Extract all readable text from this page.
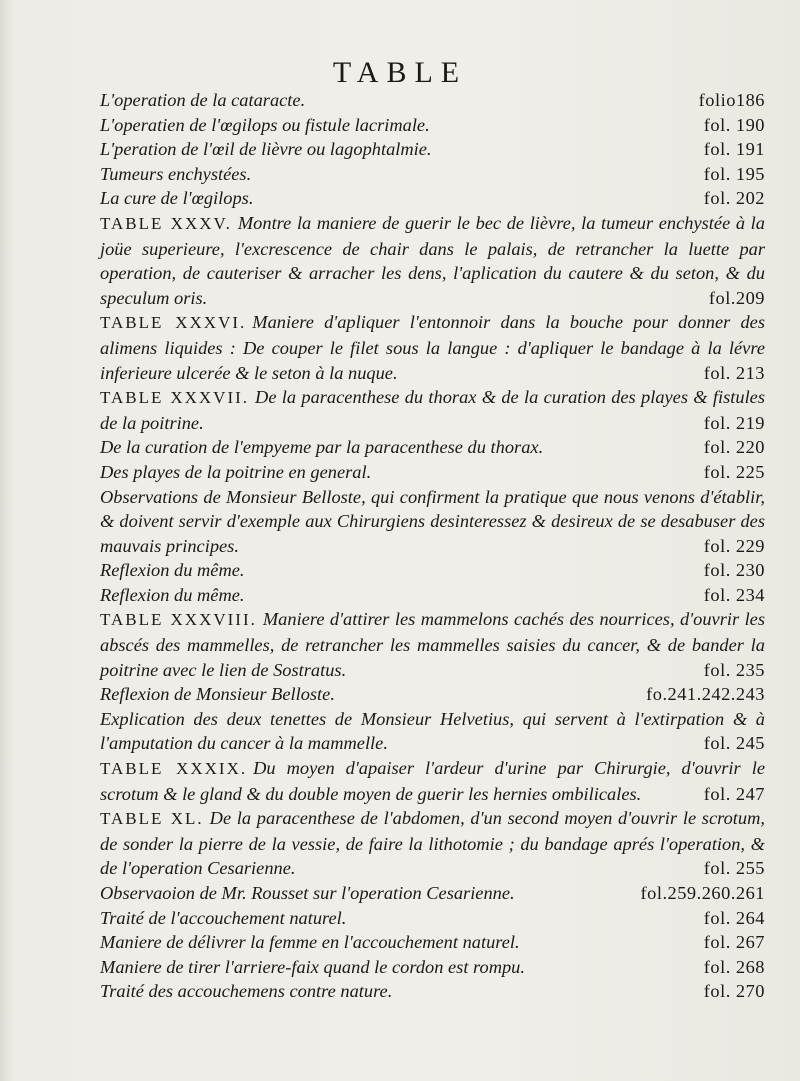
TABLE
L'operation de la cataracte.	folio186
L'operatien de l'œgilops ou fistule lacrimale.	fol. 190
L'peration de l'œil de lièvre ou lagophtalmie.	fol. 191
Tumeurs enchystées.	fol. 195
La cure de l'œgilops.	fol. 202
TABLE XXXV. Montre la maniere de guerir le bec de lièvre, la tumeur enchystée à la joüe superieure, l'excrescence de chair dans le palais, de retrancher la luette par operation, de cauteriser & arracher les dens, l'aplication du cautere & du seton, & du speculum oris.	fol.209
TABLE XXXVI. Maniere d'apliquer l'entonnoir dans la bouche pour donner des alimens liquides : De couper le filet sous la langue : d'apliquer le bandage à la lévre inferieure ulcerée & le seton à la nuque.	fol. 213
TABLE XXXVII. De la paracenthese du thorax & de la curation des playes & fistules de la poitrine.	fol. 219
De la curation de l'empyeme par la paracenthese du thorax.	fol. 220
Des playes de la poitrine en general.	fol. 225
Observations de Monsieur Belloste, qui confirment la pratique que nous venons d'établir, & doivent servir d'exemple aux Chirurgiens desinteressez & desireux de se desabuser des mauvais principes.	fol. 229
Reflexion du même.	fol. 230
Reflexion du même.	fol. 234
TABLE XXXVIII. Maniere d'attirer les mammelons cachés des nourrices, d'ouvrir les abscés des mammelles, de retrancher les mammelles saisies du cancer, & de bander la poitrine avec le lien de Sostratus.	fol. 235
Reflexion de Monsieur Belloste.	fo.241.242.243
Explication des deux tenettes de Monsieur Helvetius, qui servent à l'extirpation & à l'amputation du cancer à la mammelle.	fol. 245
TABLE XXXIX. Du moyen d'apaiser l'ardeur d'urine par Chirurgie, d'ouvrir le scrotum & le gland & du double moyen de guerir les hernies ombilicales.	fol. 247
TABLE XL. De la paracenthese de l'abdomen, d'un second moyen d'ouvrir le scrotum, de sonder la pierre de la vessie, de faire la lithotomie ; du bandage aprés l'operation, & de l'operation Cesarienne.	fol. 255
Observaoion de Mr. Rousset sur l'operation Cesarienne.	fol.259.260.261
Traité de l'accouchement naturel.	fol. 264
Maniere de délivrer la femme en l'accouchement naturel.	fol. 267
Maniere de tirer l'arriere-faix quand le cordon est rompu.	fol. 268
Traité des accouchemens contre nature.	fol. 270
